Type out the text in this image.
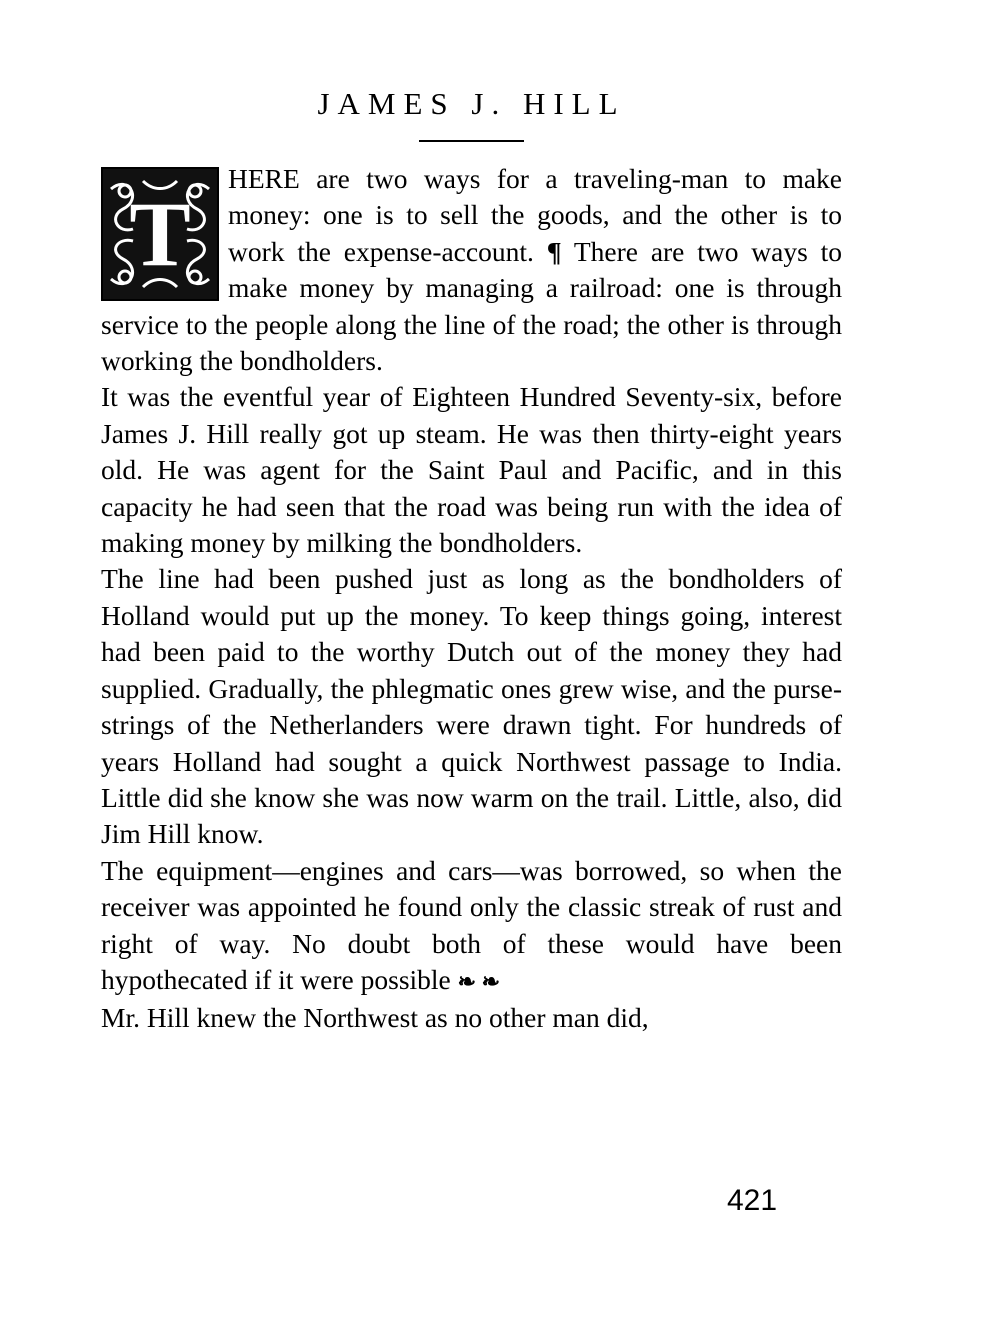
JAMES J. HILL

T
HERE are two ways for a traveling-man to make money: one is to sell the goods, and the other is to work the expense-account. ¶ There are two ways to make money by managing a railroad: one is through service to the people along the line of the road; the other is through working the bondholders.

It was the eventful year of Eighteen Hundred Seventy-six, before James J. Hill really got up steam. He was then thirty-eight years old. He was agent for the Saint Paul and Pacific, and in this capacity he had seen that the road was being run with the idea of making money by milking the bondholders.

The line had been pushed just as long as the bondholders of Holland would put up the money. To keep things going, interest had been paid to the worthy Dutch out of the money they had supplied. Gradually, the phlegmatic ones grew wise, and the purse-strings of the Netherlanders were drawn tight. For hundreds of years Holland had sought a quick Northwest passage to India. Little did she know she was now warm on the trail. Little, also, did Jim Hill know.

The equipment—engines and cars—was borrowed, so when the receiver was appointed he found only the classic streak of rust and right of way. No doubt both of these would have been hypothecated if it were possible ❧ ❧

Mr. Hill knew the Northwest as no other man did,

421
